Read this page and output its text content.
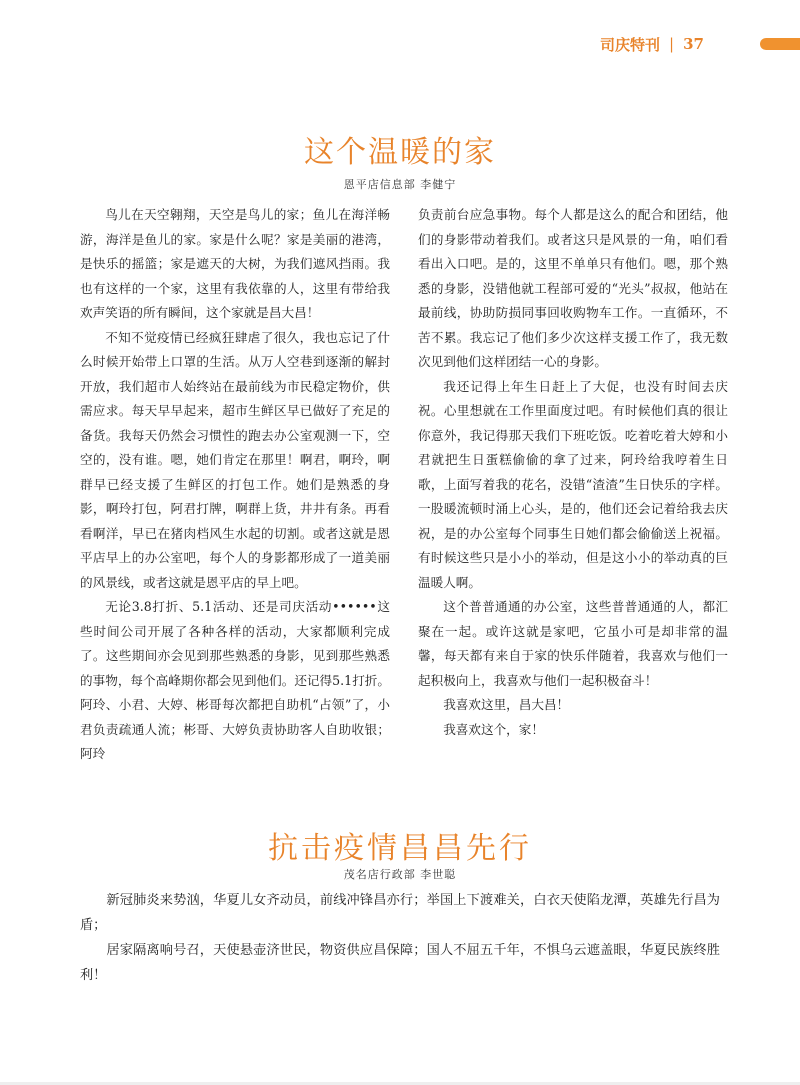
司庆特刊 | 37
这个温暖的家
恩平店信息部 李健宁

鸟儿在天空翱翔，天空是鸟儿的家；鱼儿在海洋畅游，海洋是鱼儿的家。家是什么呢？家是美丽的港湾，是快乐的摇篮；家是遮天的大树，为我们遮风挡雨。我也有这样的一个家，这里有我依靠的人，这里有带给我欢声笑语的所有瞬间，这个家就是昌大昌！

不知不觉疫情已经疯狂肆虐了很久，我也忘记了什么时候开始带上口罩的生活。从万人空巷到逐渐的解封开放，我们超市人始终站在最前线为市民稳定物价，供需应求。每天早早起来，超市生鲜区早已做好了充足的备货。我每天仍然会习惯性的跑去办公室观测一下，空空的，没有谁。嗯，她们肯定在那里！啊君，啊玲，啊群早已经支援了生鲜区的打包工作。她们是熟悉的身影，啊玲打包，阿君打牌，啊群上货，井井有条。再看看啊洋，早已在猪肉档风生水起的切割。或者这就是恩平店早上的办公室吧，每个人的身影都形成了一道美丽的风景线，或者这就是恩平店的早上吧。

无论3.8打折、5.1活动、还是司庆活动••••••这些时间公司开展了各种各样的活动，大家都顺利完成了。这些期间亦会见到那些熟悉的身影，见到那些熟悉的事物，每个高峰期你都会见到他们。还记得5.1打折。阿玲、小君、大婷、彬哥每次都把自助机“占领”了，小君负责疏通人流；彬哥、大婷负责协助客人自助收银；阿玲

负责前台应急事物。每个人都是这么的配合和团结，他们的身影带动着我们。或者这只是风景的一角，咱们看看出入口吧。是的，这里不单单只有他们。嗯，那个熟悉的身影，没错他就工程部可爱的“光头”叔叔，他站在最前线，协助防损同事回收购物车工作。一直循环，不苦不累。我忘记了他们多少次这样支援工作了，我无数次见到他们这样团结一心的身影。

我还记得上年生日赶上了大促，也没有时间去庆祝。心里想就在工作里面度过吧。有时候他们真的很让你意外，我记得那天我们下班吃饭。吃着吃着大婷和小君就把生日蛋糕偷偷的拿了过来，阿玲给我哼着生日歌，上面写着我的花名，没错“渣渣”生日快乐的字样。一股暖流顿时涌上心头，是的，他们还会记着给我去庆祝，是的办公室每个同事生日她们都会偷偷送上祝福。有时候这些只是小小的举动，但是这小小的举动真的巨温暖人啊。

这个普普通通的办公室，这些普普通通的人，都汇聚在一起。或许这就是家吧，它虽小可是却非常的温馨，每天都有来自于家的快乐伴随着，我喜欢与他们一起积极向上，我喜欢与他们一起积极奋斗！

我喜欢这里，昌大昌！

我喜欢这个，家！

抗击疫情昌昌先行
茂名店行政部 李世聪

新冠肺炎来势汹，华夏儿女齐动员，前线冲锋昌亦行；举国上下渡难关，白衣天使陷龙潭，英雄先行昌为盾；

居家隔离响号召，天使悬壶济世民，物资供应昌保障；国人不屈五千年，不惧乌云遮盖眼，华夏民族终胜利！
